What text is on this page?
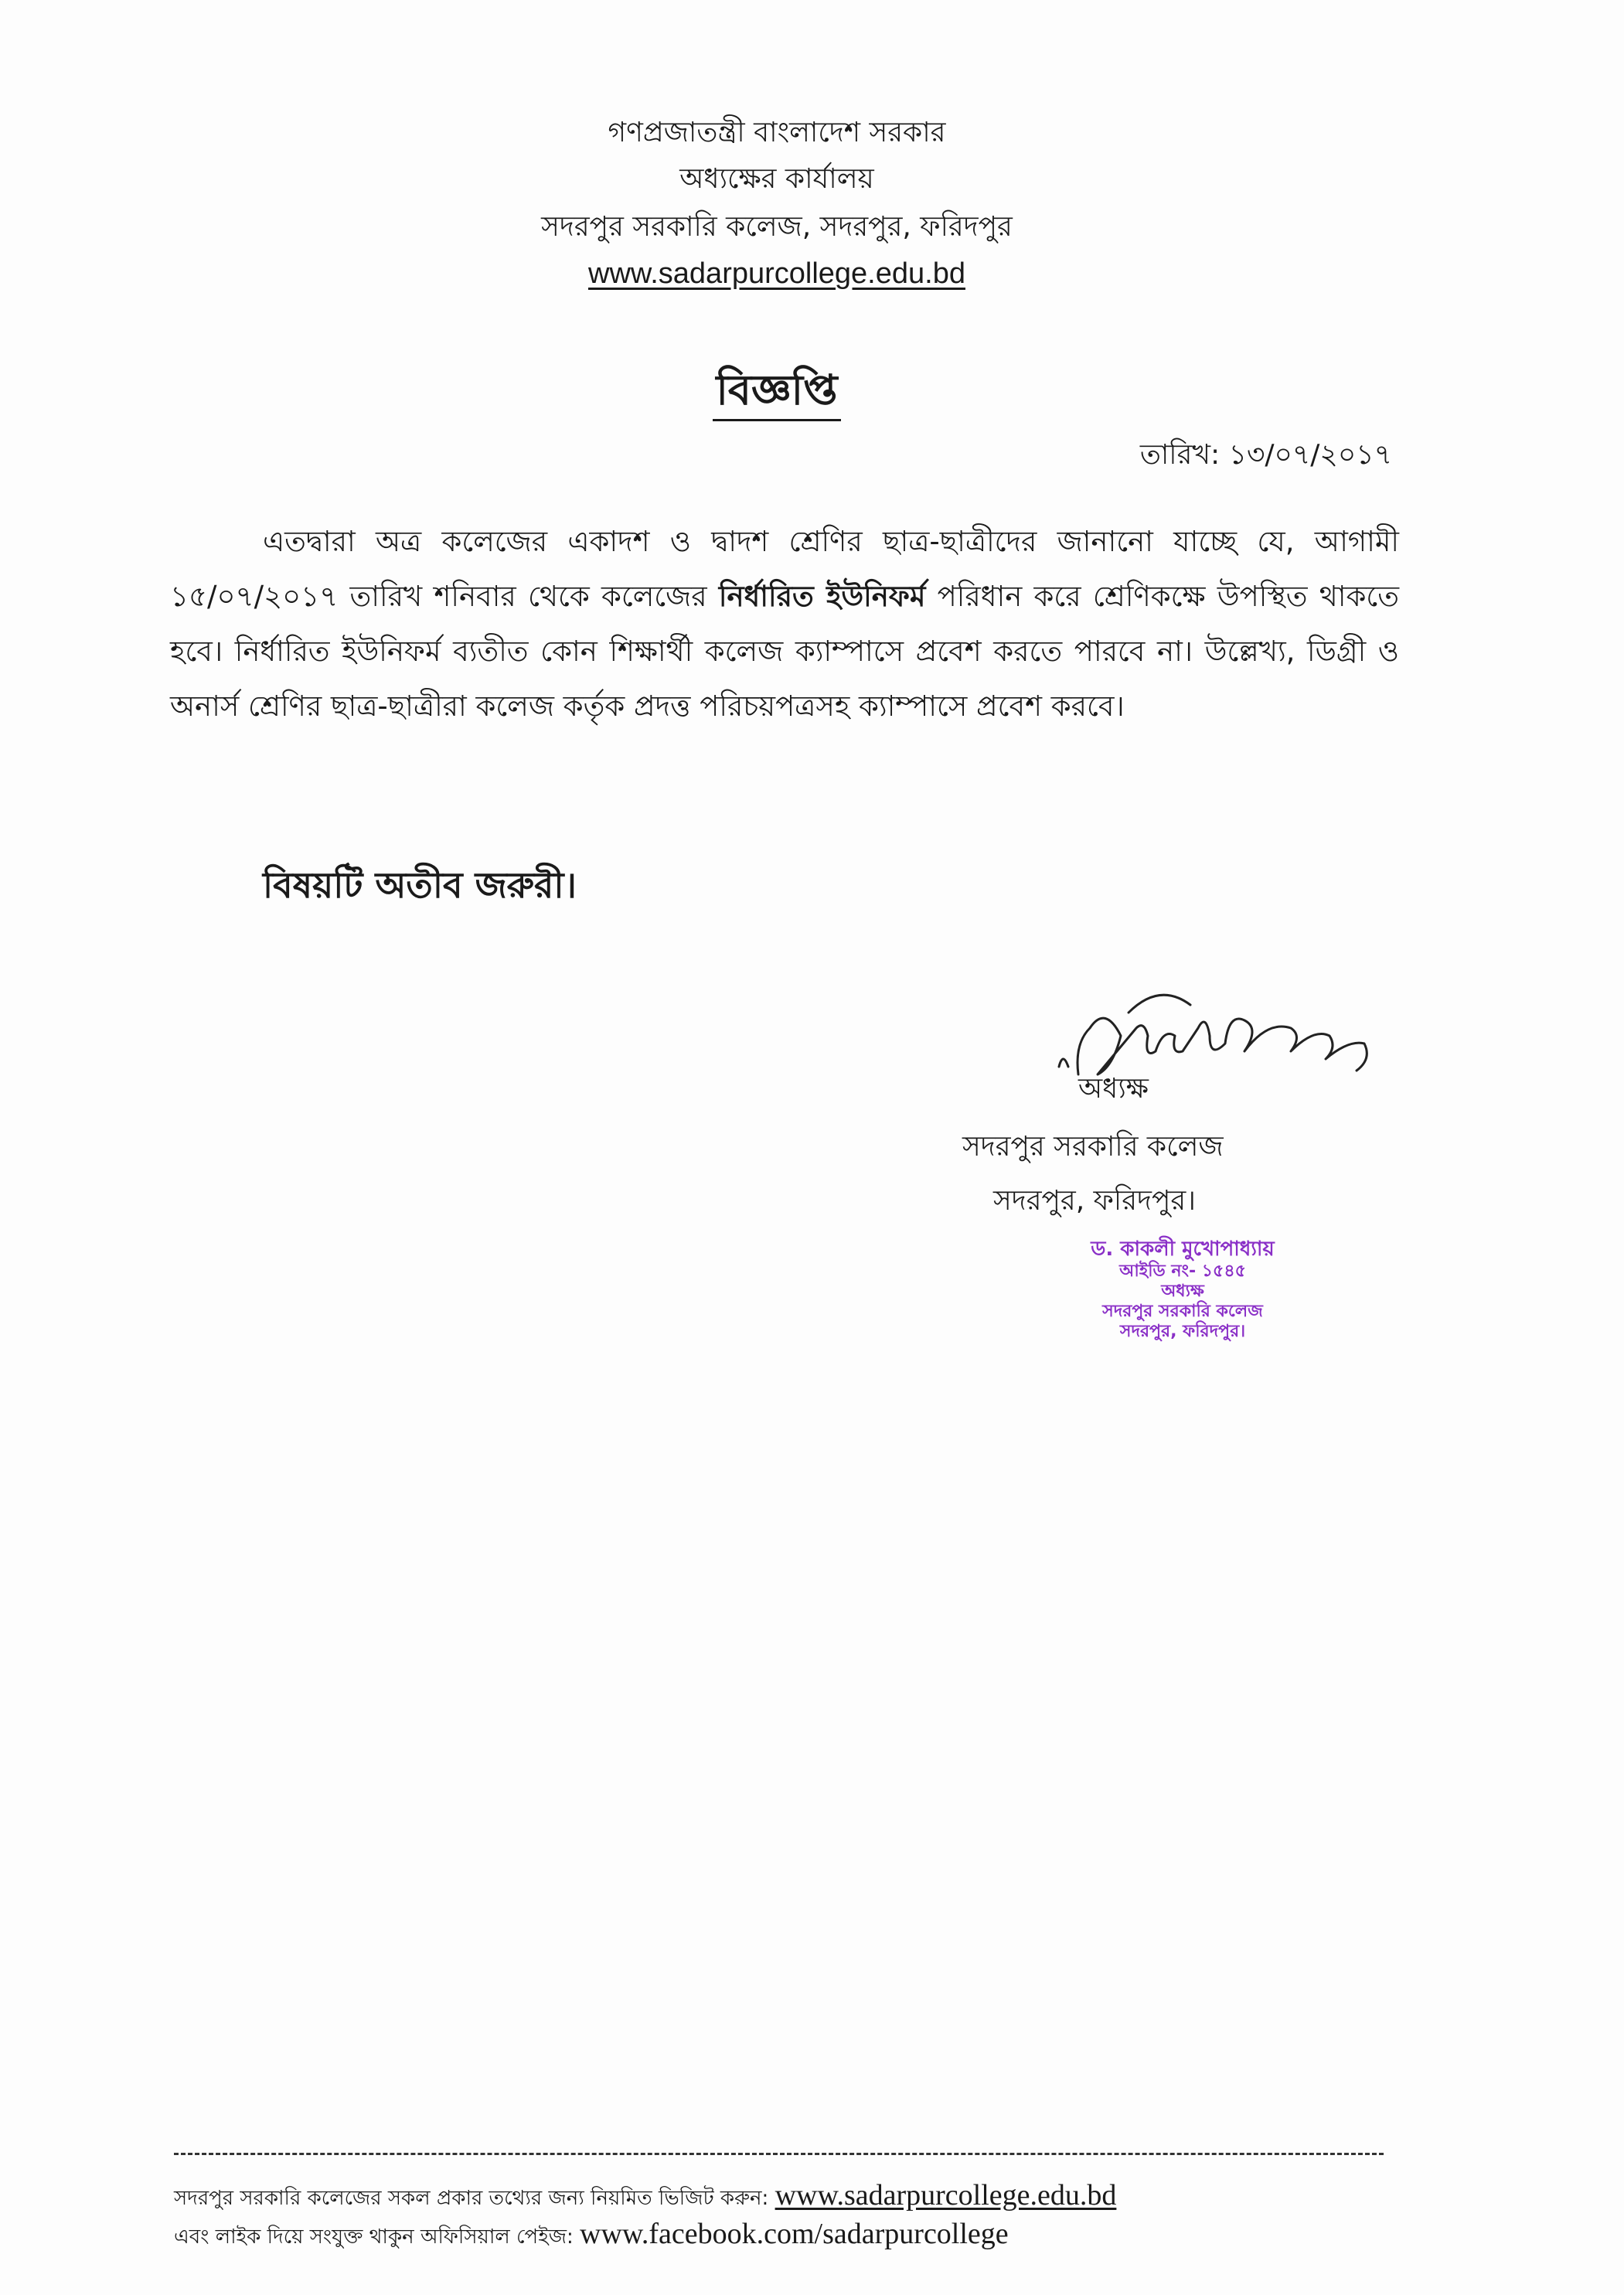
গণপ্রজাতন্ত্রী বাংলাদেশ সরকার
অধ্যক্ষের কার্যালয়
সদরপুর সরকারি কলেজ, সদরপুর, ফরিদপুর
www.sadarpurcollege.edu.bd
বিজ্ঞপ্তি
তারিখ: ১৩/০৭/২০১৭
এতদ্বারা অত্র কলেজের একাদশ ও দ্বাদশ শ্রেণির ছাত্র-ছাত্রীদের জানানো যাচ্ছে যে, আগামী ১৫/০৭/২০১৭ তারিখ শনিবার থেকে কলেজের নির্ধারিত ইউনিফর্ম পরিধান করে শ্রেণিকক্ষে উপস্থিত থাকতে হবে। নির্ধারিত ইউনিফর্ম ব্যতীত কোন শিক্ষার্থী কলেজ ক্যাম্পাসে প্রবেশ করতে পারবে না। উল্লেখ্য, ডিগ্রী ও অনার্স শ্রেণির ছাত্র-ছাত্রীরা কলেজ কর্তৃক প্রদত্ত পরিচয়পত্রসহ ক্যাম্পাসে প্রবেশ করবে।
বিষয়টি অতীব জরুরী।
অধ্যক্ষ
সদরপুর সরকারি কলেজ
সদরপুর, ফরিদপুর।
ড. কাকলী মুখোপাধ্যায়
আইডি নং- ১৫৪৫
অধ্যক্ষ
সদরপুর সরকারি কলেজ
সদরপুর, ফরিদপুর।
সদরপুর সরকারি কলেজের সকল প্রকার তথ্যের জন্য নিয়মিত ভিজিট করুন: www.sadarpurcollege.edu.bd
এবং লাইক দিয়ে সংযুক্ত থাকুন অফিসিয়াল পেইজ: www.facebook.com/sadarpurcollege
